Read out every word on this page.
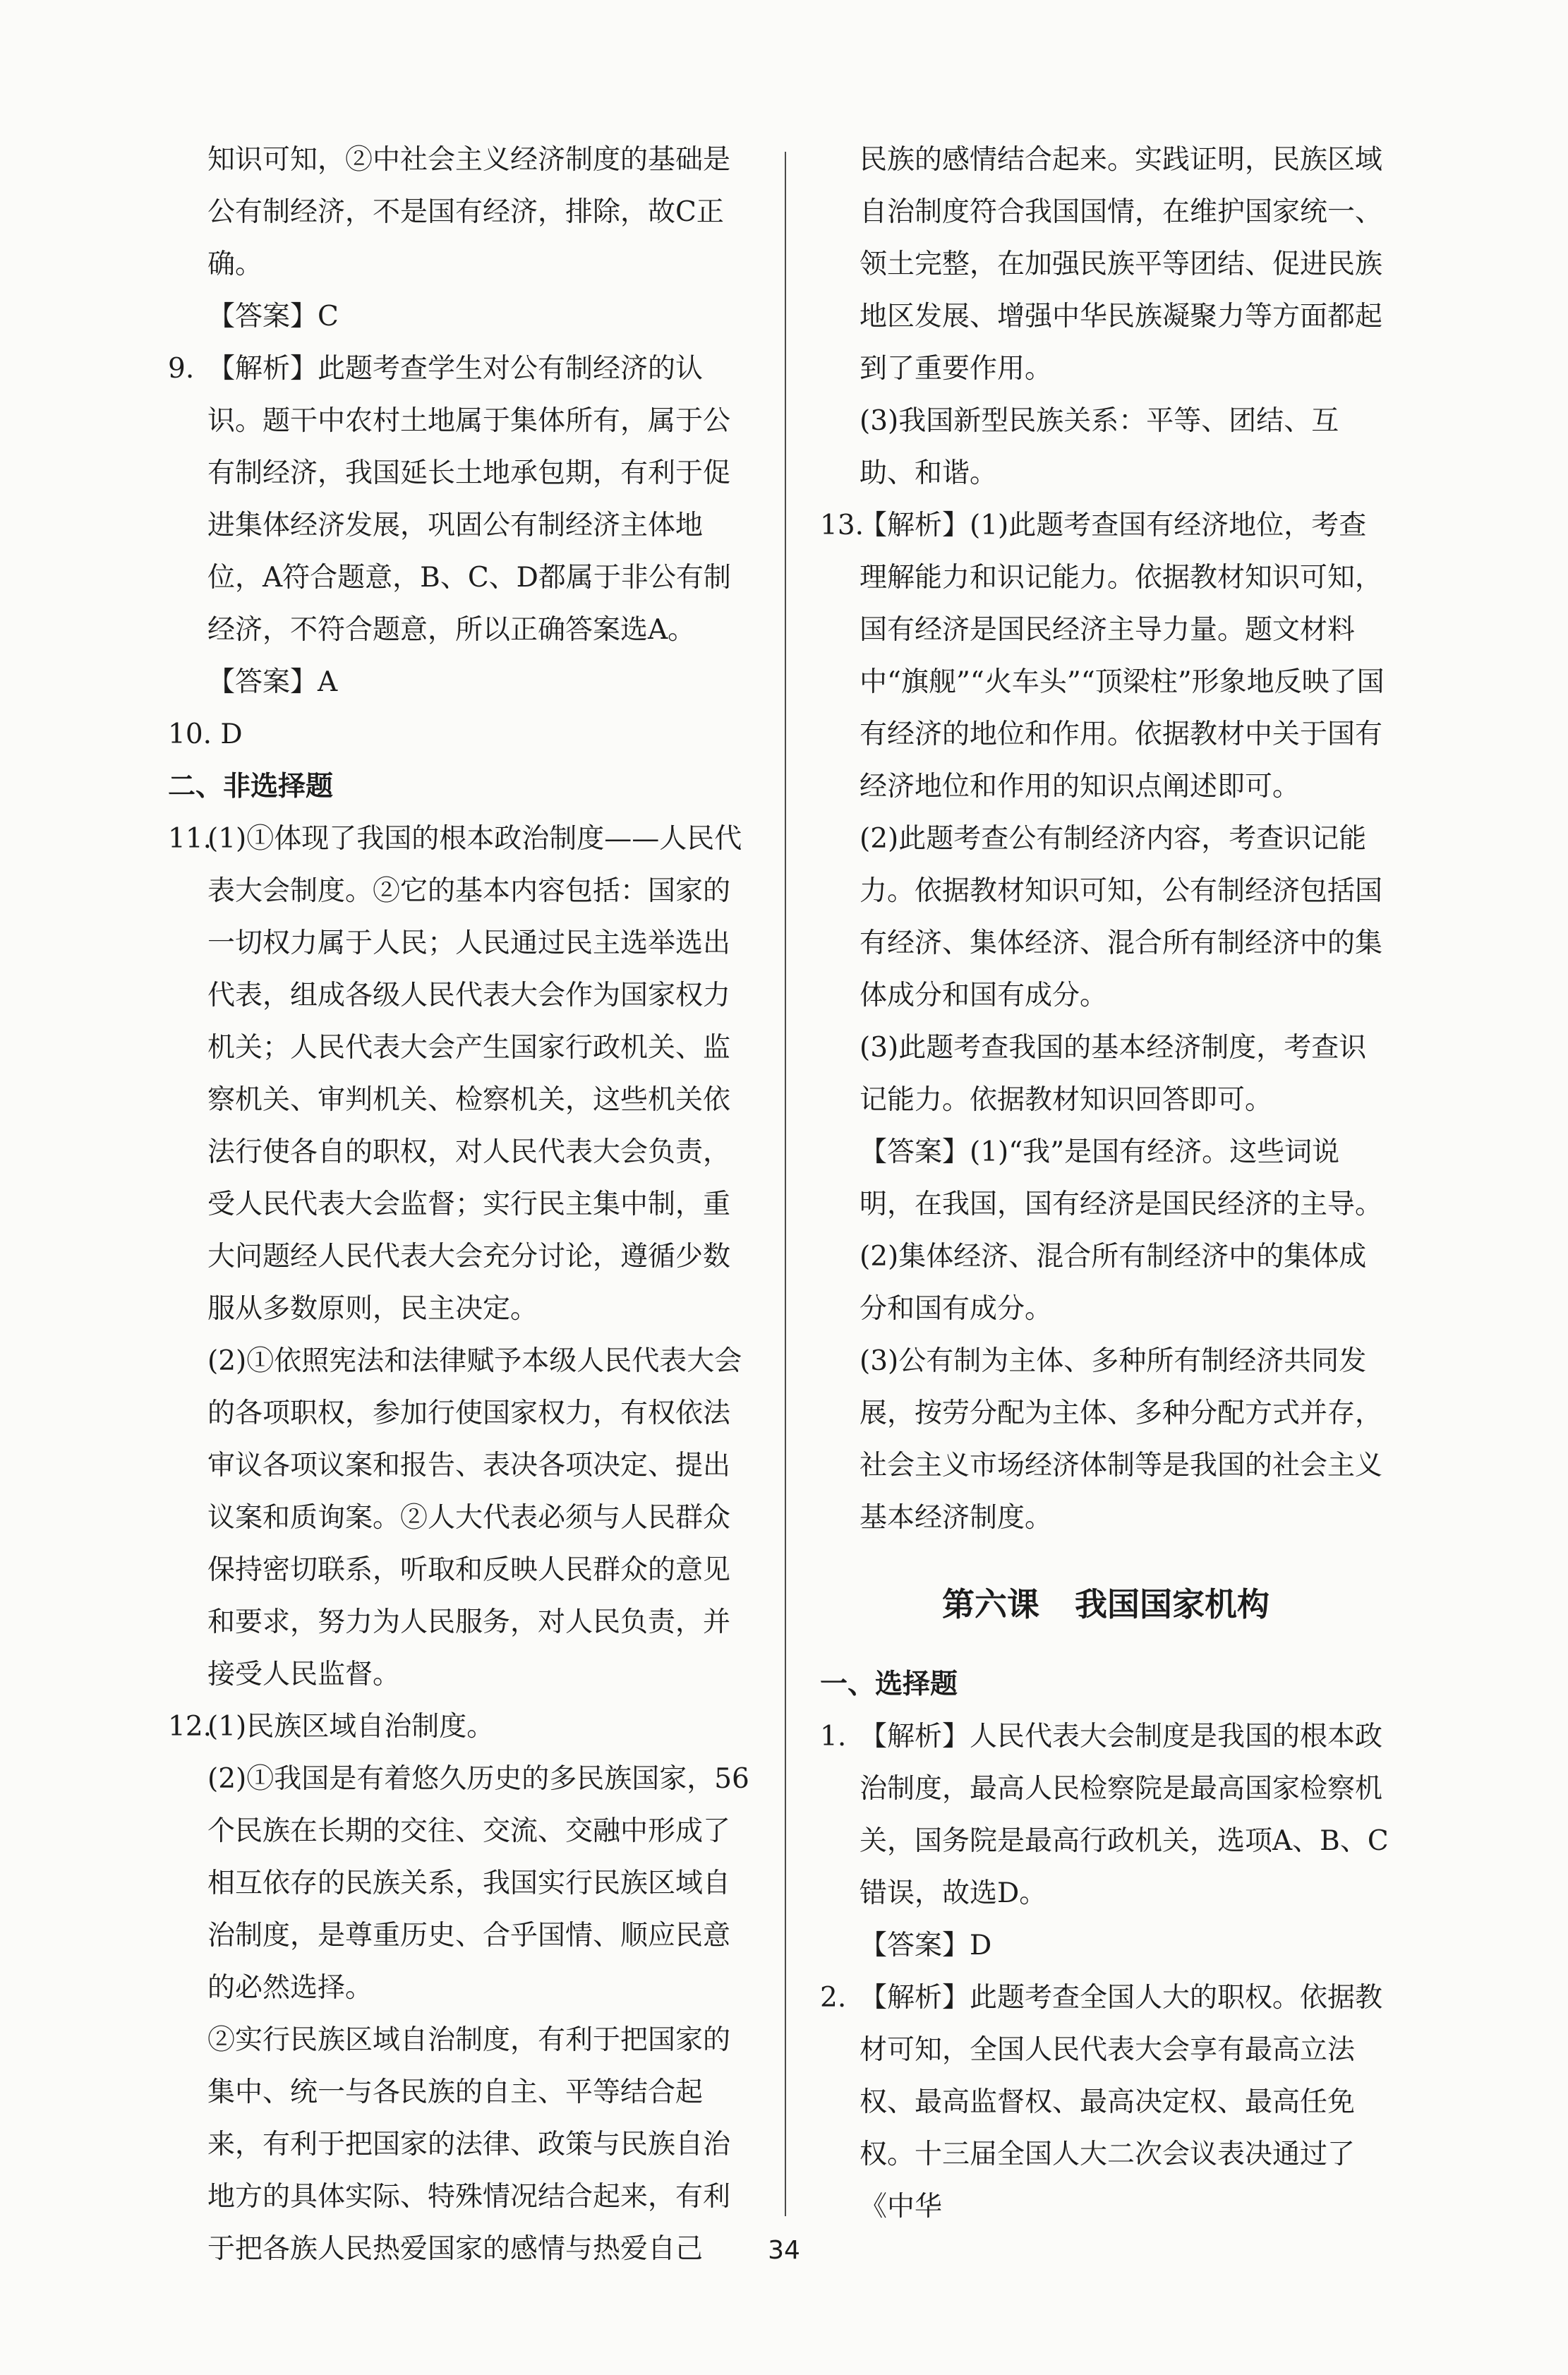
知识可知，②中社会主义经济制度的基础是公有制经济，不是国有经济，排除，故C正确。

【答案】C

9. 【解析】此题考查学生对公有制经济的认识。题干中农村土地属于集体所有，属于公有制经济，我国延长土地承包期，有利于促进集体经济发展，巩固公有制经济主体地位，A符合题意，B、C、D都属于非公有制经济，不符合题意，所以正确答案选A。

【答案】A

10. D

二、非选择题

11.(1)①体现了我国的根本政治制度——人民代表大会制度。②它的基本内容包括：国家的一切权力属于人民；人民通过民主选举选出代表，组成各级人民代表大会作为国家权力机关；人民代表大会产生国家行政机关、监察机关、审判机关、检察机关，这些机关依法行使各自的职权，对人民代表大会负责，受人民代表大会监督；实行民主集中制，重大问题经人民代表大会充分讨论，遵循少数服从多数原则，民主决定。

(2)①依照宪法和法律赋予本级人民代表大会的各项职权，参加行使国家权力，有权依法审议各项议案和报告、表决各项决定、提出议案和质询案。②人大代表必须与人民群众保持密切联系，听取和反映人民群众的意见和要求，努力为人民服务，对人民负责，并接受人民监督。

12.(1)民族区域自治制度。

(2)①我国是有着悠久历史的多民族国家，56个民族在长期的交往、交流、交融中形成了相互依存的民族关系，我国实行民族区域自治制度，是尊重历史、合乎国情、顺应民意的必然选择。

②实行民族区域自治制度，有利于把国家的集中、统一与各民族的自主、平等结合起来，有利于把国家的法律、政策与民族自治地方的具体实际、特殊情况结合起来，有利于把各族人民热爱国家的感情与热爱自己

民族的感情结合起来。实践证明，民族区域自治制度符合我国国情，在维护国家统一、领土完整，在加强民族平等团结、促进民族地区发展、增强中华民族凝聚力等方面都起到了重要作用。

(3)我国新型民族关系：平等、团结、互助、和谐。

13.【解析】(1)此题考查国有经济地位，考查理解能力和识记能力。依据教材知识可知，国有经济是国民经济主导力量。题文材料中“旗舰”“火车头”“顶梁柱”形象地反映了国有经济的地位和作用。依据教材中关于国有经济地位和作用的知识点阐述即可。

(2)此题考查公有制经济内容，考查识记能力。依据教材知识可知，公有制经济包括国有经济、集体经济、混合所有制经济中的集体成分和国有成分。

(3)此题考查我国的基本经济制度，考查识记能力。依据教材知识回答即可。

【答案】(1)“我”是国有经济。这些词说明，在我国，国有经济是国民经济的主导。

(2)集体经济、混合所有制经济中的集体成分和国有成分。

(3)公有制为主体、多种所有制经济共同发展，按劳分配为主体、多种分配方式并存，社会主义市场经济体制等是我国的社会主义基本经济制度。

第六课 我国国家机构

一、选择题

1. 【解析】人民代表大会制度是我国的根本政治制度，最高人民检察院是最高国家检察机关，国务院是最高行政机关，选项A、B、C错误，故选D。

【答案】D

2. 【解析】此题考查全国人大的职权。依据教材可知，全国人民代表大会享有最高立法权、最高监督权、最高决定权、最高任免权。十三届全国人大二次会议表决通过了《中华

34
